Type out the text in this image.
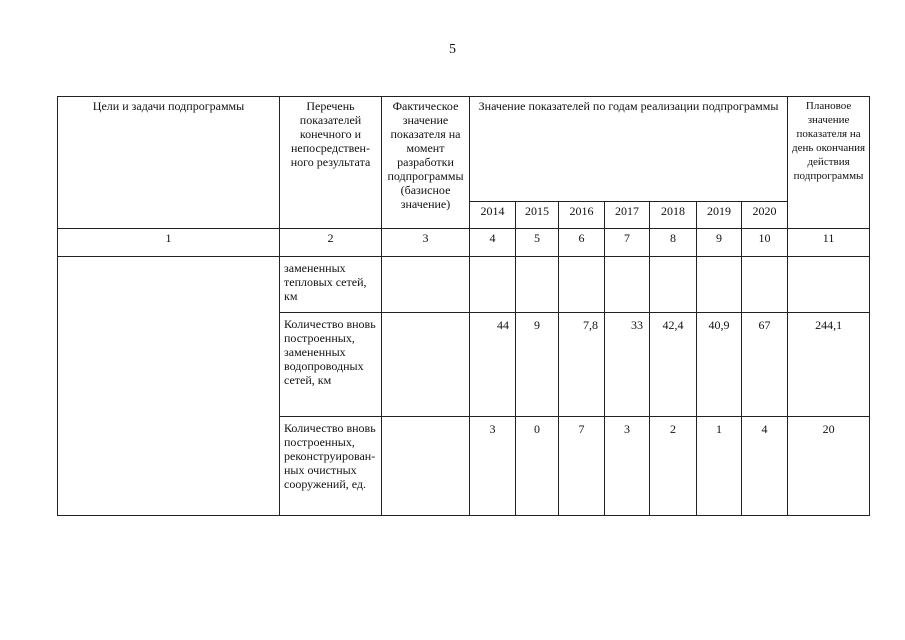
5
Цели и задачи подпрограммы	Перечень показателей конечного и непосредствен-ного результата	Фактическое значение показателя на момент разработки подпрограммы (базисное значение)	Значение показателей по годам реализации подпрограммы							Плановое значение показателя на день окончания действия подпрограммы
			2014	2015	2016	2017	2018	2019	2020	
1	2	3	4	5	6	7	8	9	10	11
	замененных тепловых сетей, км									
	Количество вновь построенных, замененных водопроводных сетей, км		44	9	7,8	33	42,4	40,9	67	244,1
	Количество вновь построенных, реконструирован-ных очистных сооружений, ед.		3	0	7	3	2	1	4	20
